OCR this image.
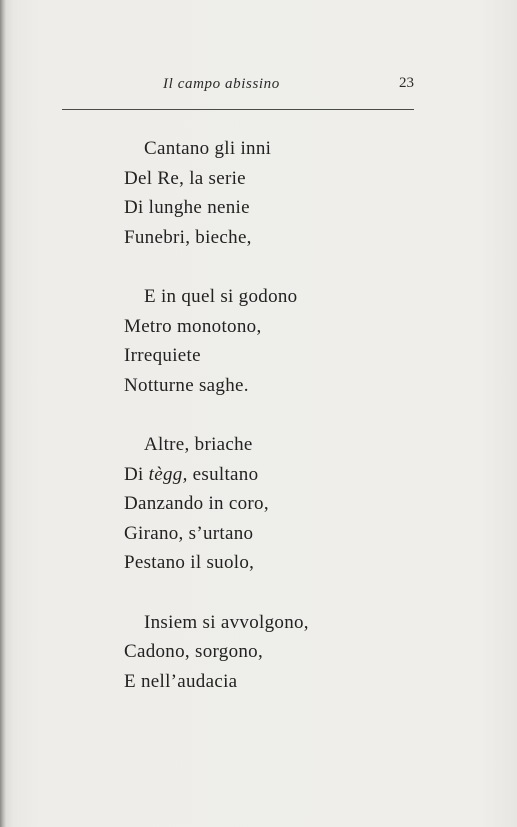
Il campo abissino	23
Cantano gli inni
Del Re, la serie
Di lunghe nenie
Funebri, bieche,
E in quel si godono
Metro monotono,
Irrequiete
Notturne saghe.
Altre, briache
Di tègg, esultano
Danzando in coro,
Girano, s’urtano
Pestano il suolo,
Insiem si avvolgono,
Cadono, sorgono,
E nell’audacia
